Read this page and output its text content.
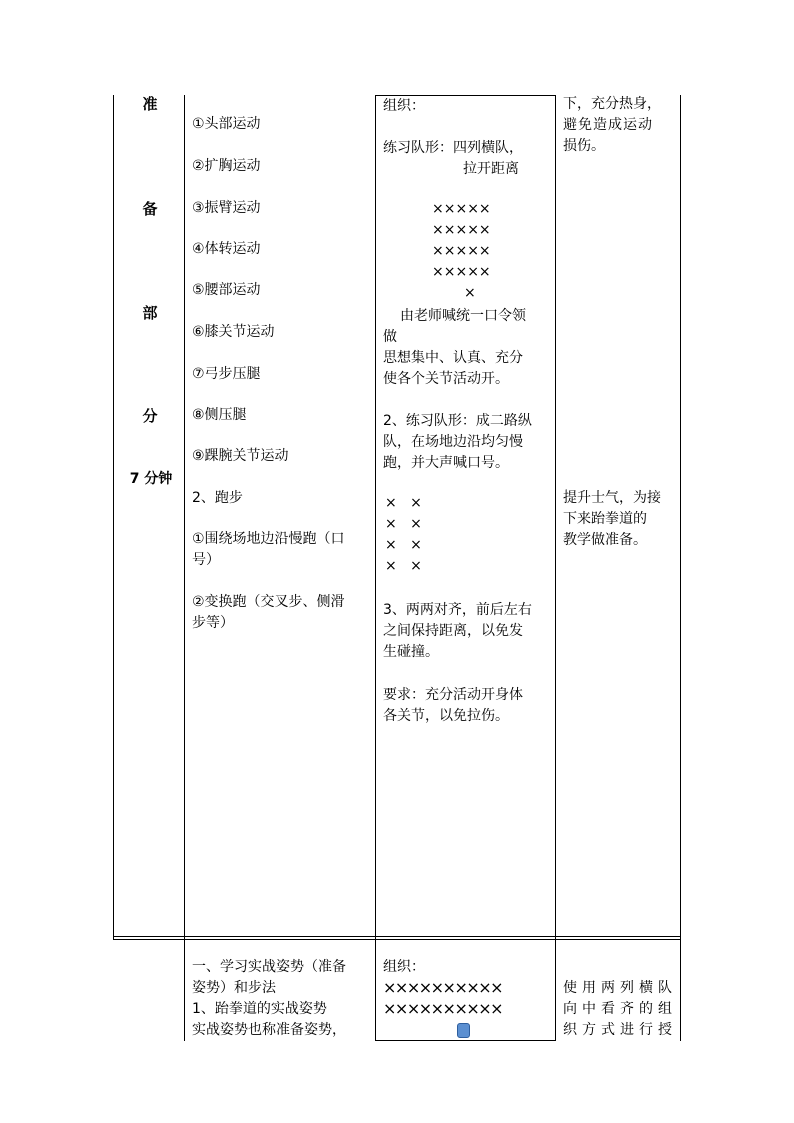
准
备
部
分
7 分钟
①头部运动
②扩胸运动
③振臂运动
④体转运动
⑤腰部运动
⑥膝关节运动
⑦弓步压腿
⑧侧压腿
⑨踝腕关节运动
2、跑步
①围绕场地边沿慢跑（口
号）
②变换跑（交叉步、侧滑
步等）
组织：
练习队形：四列横队，
拉开距离
×××××
×××××
×××××
×××××
×
由老师喊统一口令领
做
思想集中、认真、充分
使各个关节活动开。
2、练习队形：成二路纵
队，在场地边沿均匀慢
跑，并大声喊口号。
×   ×
×   ×
×   ×
×   ×
3、两两对齐，前后左右
之间保持距离，以免发
生碰撞。
要求：充分活动开身体
各关节，以免拉伤。
下，充分热身，
避免造成运动
损伤。
提升士气，为接
下来跆拳道的
教学做准备。
一、学习实战姿势（准备
姿势）和步法
1、跆拳道的实战姿势
实战姿势也称准备姿势，
组织：
××××××××××
××××××××××
使用两列横队
向中看齐的组
织方式进行授
